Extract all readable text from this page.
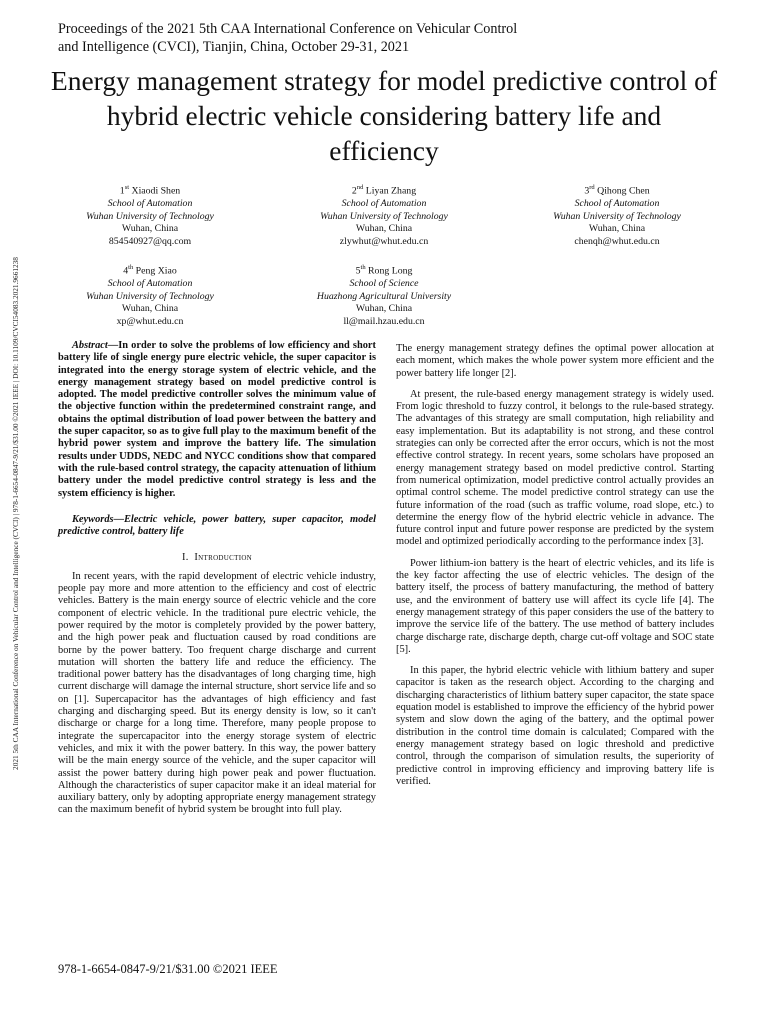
2021 5th CAA International Conference on Vehicular Control and Intelligence (CVCI) | 978-1-6654-0847-9/21/$31.00 ©2021 IEEE | DOI: 10.1109/CVCI54083.2021.9661238
Proceedings of the 2021 5th CAA International Conference on Vehicular Control
and Intelligence (CVCI), Tianjin, China, October 29-31, 2021
Energy management strategy for model predictive control of hybrid electric vehicle considering battery life and efficiency
1st Xiaodi Shen
School of Automation
Wuhan University of Technology
Wuhan, China
854540927@qq.com
2nd Liyan Zhang
School of Automation
Wuhan University of Technology
Wuhan, China
zlywhut@whut.edu.cn
3rd Qihong Chen
School of Automation
Wuhan University of Technology
Wuhan, China
chenqh@whut.edu.cn
4th Peng Xiao
School of Automation
Wuhan University of Technology
Wuhan, China
xp@whut.edu.cn
5th Rong Long
School of Science
Huazhong Agricultural University
Wuhan, China
ll@mail.hzau.edu.cn

Abstract—In order to solve the problems of low efficiency and short battery life of single energy pure electric vehicle, the super capacitor is integrated into the energy storage system of electric vehicle, and the energy management strategy based on model predictive control is adopted. The model predictive controller solves the minimum value of the objective function within the predetermined constraint range, and obtains the optimal distribution of load power between the battery and the super capacitor, so as to give full play to the maximum benefit of the hybrid power system and improve the battery life. The simulation results under UDDS, NEDC and NYCC conditions show that compared with the rule-based control strategy, the capacity attenuation of lithium battery under the model predictive control strategy is less and the system efficiency is higher.

Keywords—Electric vehicle, power battery, super capacitor, model predictive control, battery life

I. Introduction

In recent years, with the rapid development of electric vehicle industry, people pay more and more attention to the efficiency and cost of electric vehicles. Battery is the main energy source of electric vehicle and the core component of electric vehicle. In the traditional pure electric vehicle, the power required by the motor is completely provided by the power battery, and the high power peak and fluctuation caused by road conditions are borne by the power battery. Too frequent charge discharge and current mutation will shorten the battery life and reduce the efficiency. The traditional power battery has the disadvantages of long charging time, high current discharge will damage the internal structure, short service life and so on [1]. Supercapacitor has the advantages of high efficiency and fast charging and discharging speed. But its energy density is low, so it can't discharge or charge for a long time. Therefore, many people propose to integrate the supercapacitor into the energy storage system of electric vehicles, and mix it with the power battery. In this way, the power battery will be the main energy source of the vehicle, and the super capacitor will assist the power battery during high power peak and power fluctuation. Although the characteristics of super capacitor make it an ideal material for auxiliary battery, only by adopting appropriate energy management strategy can the maximum benefit of hybrid system be brought into full play.

The energy management strategy defines the optimal power allocation at each moment, which makes the whole power system more efficient and the power battery life longer [2].

At present, the rule-based energy management strategy is widely used. From logic threshold to fuzzy control, it belongs to the rule-based strategy. The advantages of this strategy are small computation, high reliability and easy implementation. But its adaptability is not strong, and these control strategies can only be corrected after the error occurs, which is not the most effective control strategy. In recent years, some scholars have proposed an energy management strategy based on model predictive control. Starting from numerical optimization, model predictive control actually provides an optimal control scheme. The model predictive control strategy can use the future information of the road (such as traffic volume, road slope, etc.) to determine the energy flow of the hybrid electric vehicle in advance. The future control input and future power response are predicted by the system model and optimized periodically according to the performance index [3].

Power lithium-ion battery is the heart of electric vehicles, and its life is the key factor affecting the use of electric vehicles. The design of the battery itself, the process of battery manufacturing, the method of battery use, and the environment of battery use will affect its cycle life [4]. The energy management strategy of this paper considers the use of the battery to improve the service life of the battery. The use method of battery includes charge discharge rate, discharge depth, charge cut-off voltage and SOC state [5].

In this paper, the hybrid electric vehicle with lithium battery and super capacitor is taken as the research object. According to the charging and discharging characteristics of lithium battery super capacitor, the state space equation model is established to improve the efficiency of the hybrid power system and slow down the aging of the battery, and the optimal power distribution in the control time domain is calculated; Compared with the energy management strategy based on logic threshold and predictive control, through the comparison of simulation results, the superiority of predictive control in improving efficiency and improving battery life is verified.

978-1-6654-0847-9/21/$31.00 ©2021 IEEE
